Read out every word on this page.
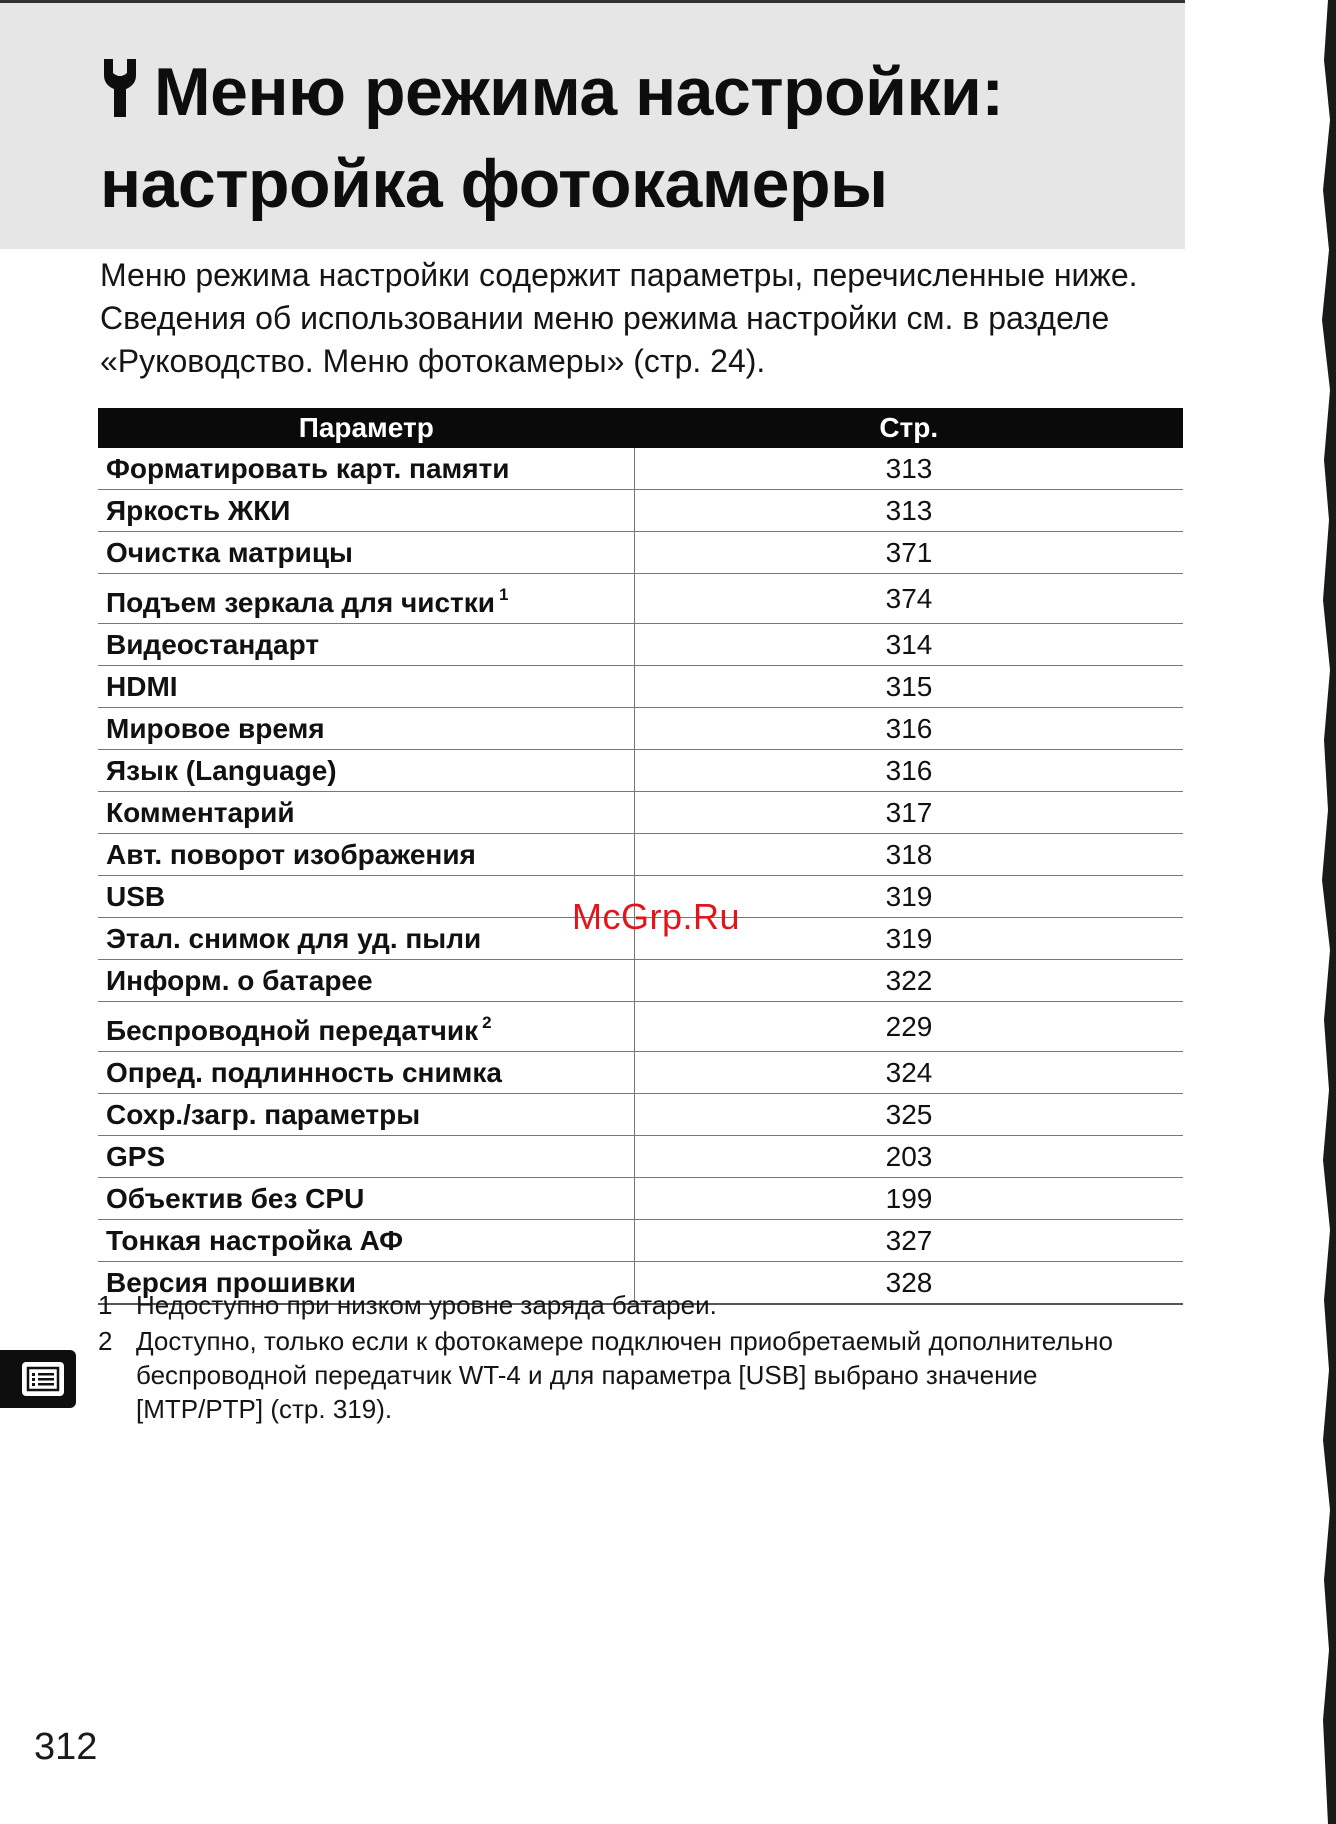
Меню режима настройки:
настройка фотокамеры

Меню режима настройки содержит параметры, перечисленные ниже. Сведения об использовании меню режима настройки см. в разделе «Руководство. Меню фотокамеры» (стр. 24).

Параметр	Стр.
Форматировать карт. памяти	313
Яркость ЖКИ	313
Очистка матрицы	371
Подъем зеркала для чистки $^1$	374
Видеостандарт	314
HDMI	315
Мировое время	316
Язык (Language)	316
Комментарий	317
Авт. поворот изображения	318
USB	319
Этал. снимок для уд. пыли	319
Информ. о батарее	322
Беспроводной передатчик $^2$	229
Опред. подлинность снимка	324
Сохр./загр. параметры	325
GPS	203
Объектив без CPU	199
Тонкая настройка АФ	327
Версия прошивки	328
1 Недоступно при низком уровне заряда батареи.
2 Доступно, только если к фотокамере подключен приобретаемый дополнительно беспроводной передатчик WT-4 и для параметра [USB] выбрано значение [MTP/PTP] (стр. 319).

McGrp.Ru

312
